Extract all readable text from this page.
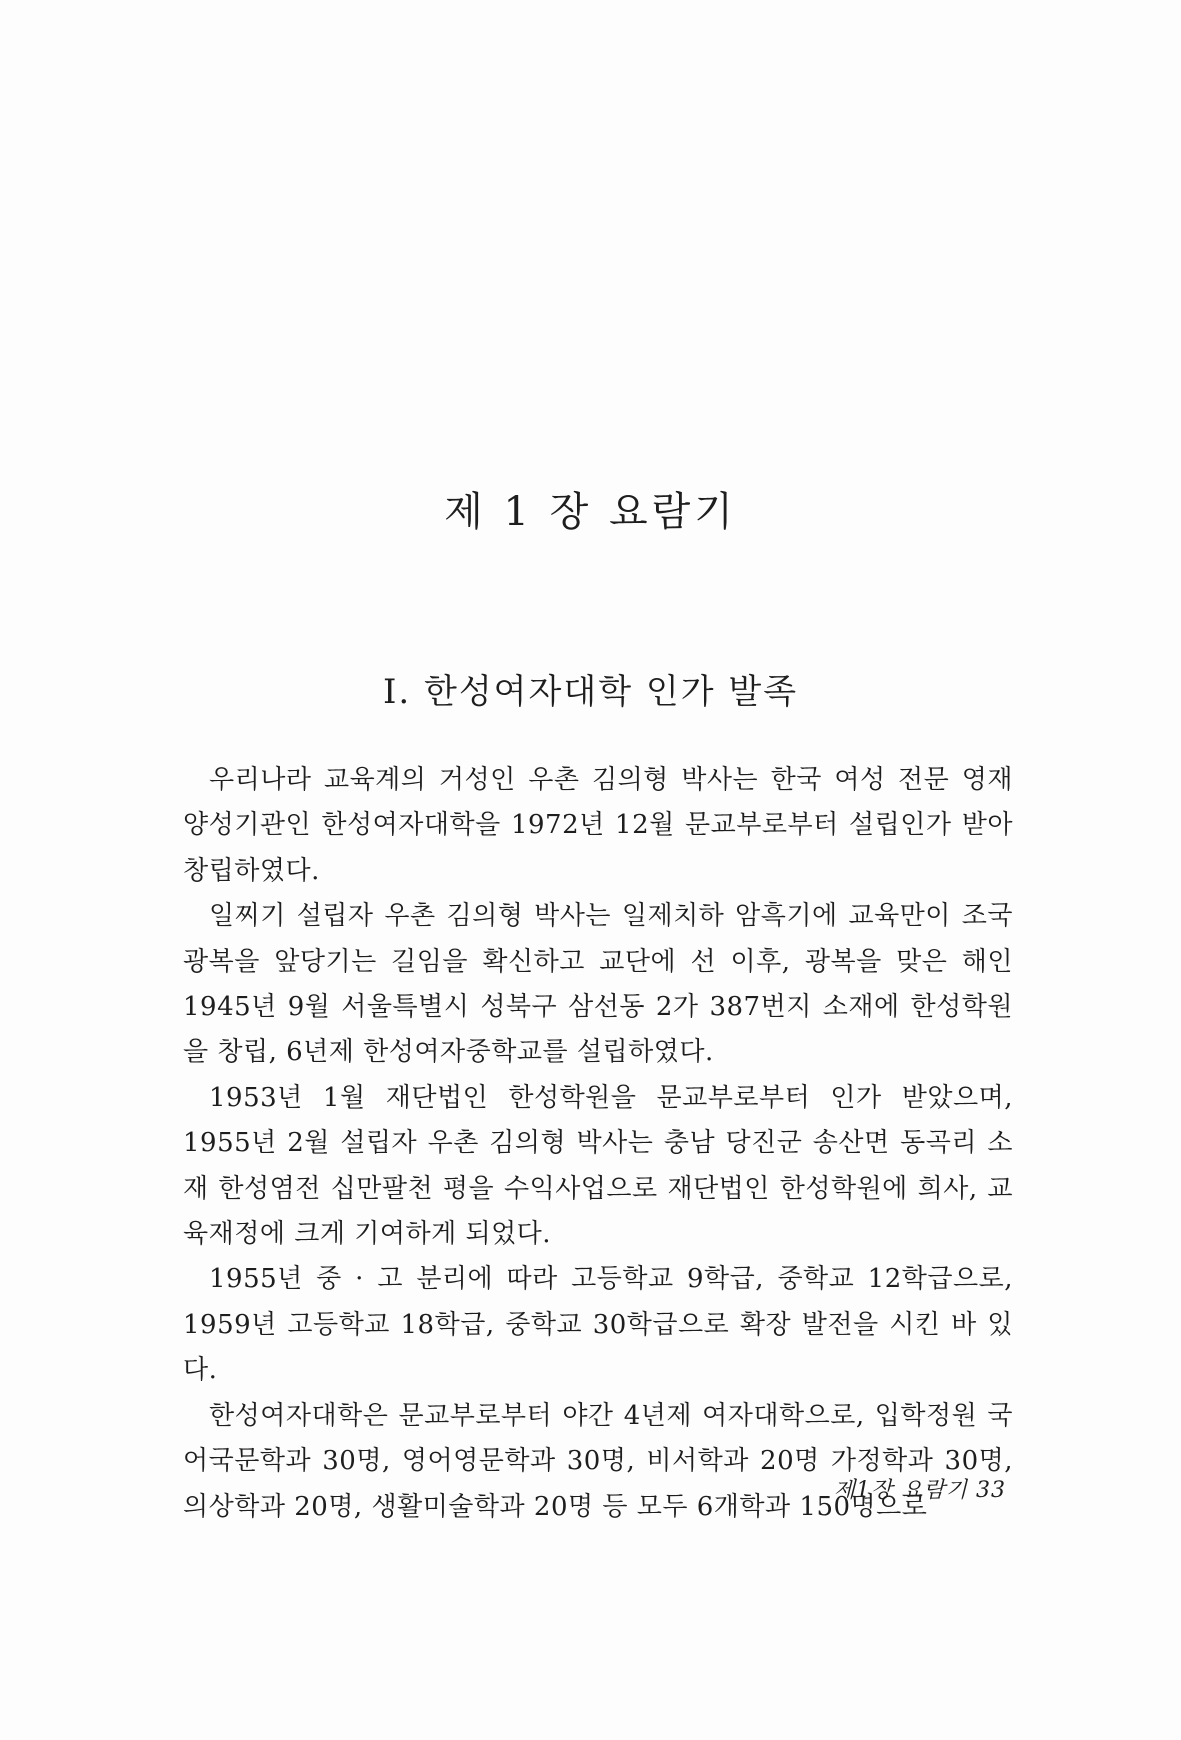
제 1 장 요람기
Ⅰ. 한성여자대학 인가 발족

우리나라 교육계의 거성인 우촌 김의형 박사는 한국 여성 전문 영재 양성기관인 한성여자대학을 1972년 12월 문교부로부터 설립인가 받아 창립하였다.

일찌기 설립자 우촌 김의형 박사는 일제치하 암흑기에 교육만이 조국광복을 앞당기는 길임을 확신하고 교단에 선 이후, 광복을 맞은 해인 1945년 9월 서울특별시 성북구 삼선동 2가 387번지 소재에 한성학원을 창립, 6년제 한성여자중학교를 설립하였다.

1953년 1월 재단법인 한성학원을 문교부로부터 인가 받았으며, 1955년 2월 설립자 우촌 김의형 박사는 충남 당진군 송산면 동곡리 소재 한성염전 십만팔천 평을 수익사업으로 재단법인 한성학원에 희사, 교육재정에 크게 기여하게 되었다.

1955년 중 · 고 분리에 따라 고등학교 9학급, 중학교 12학급으로, 1959년 고등학교 18학급, 중학교 30학급으로 확장 발전을 시킨 바 있다.

한성여자대학은 문교부로부터 야간 4년제 여자대학으로, 입학정원 국어국문학과 30명, 영어영문학과 30명, 비서학과 20명 가정학과 30명, 의상학과 20명, 생활미술학과 20명 등 모두 6개학과 150명으로

제1장 요람기 33
